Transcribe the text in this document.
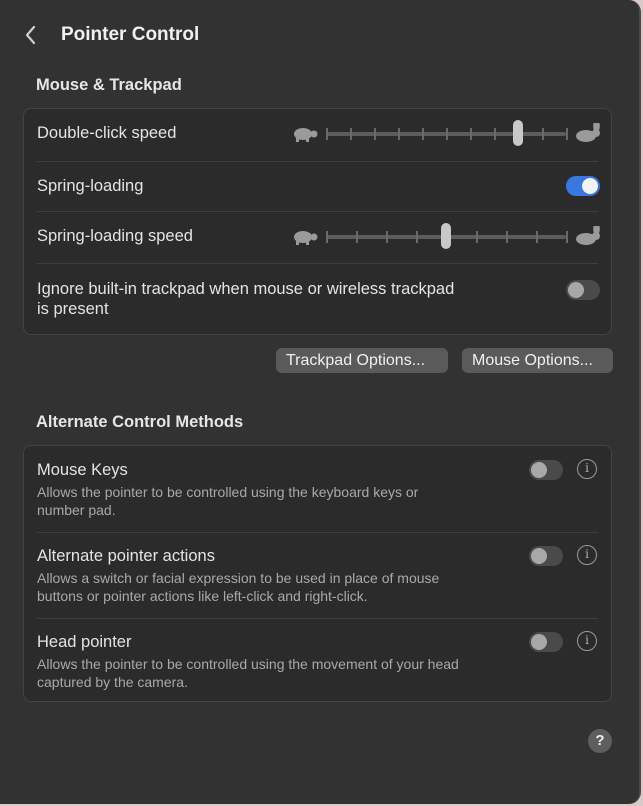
Pointer Control
Mouse & Trackpad
Double-click speed
Spring-loading
Spring-loading speed
Ignore built-in trackpad when mouse or wireless trackpad
is present
Trackpad Options...	Mouse Options...
Alternate Control Methods
Mouse Keys
Allows the pointer to be controlled using the keyboard keys or
number pad.
i
Alternate pointer actions
Allows a switch or facial expression to be used in place of mouse
buttons or pointer actions like left-click and right-click.
i
Head pointer
Allows the pointer to be controlled using the movement of your head
captured by the camera.
i
?
